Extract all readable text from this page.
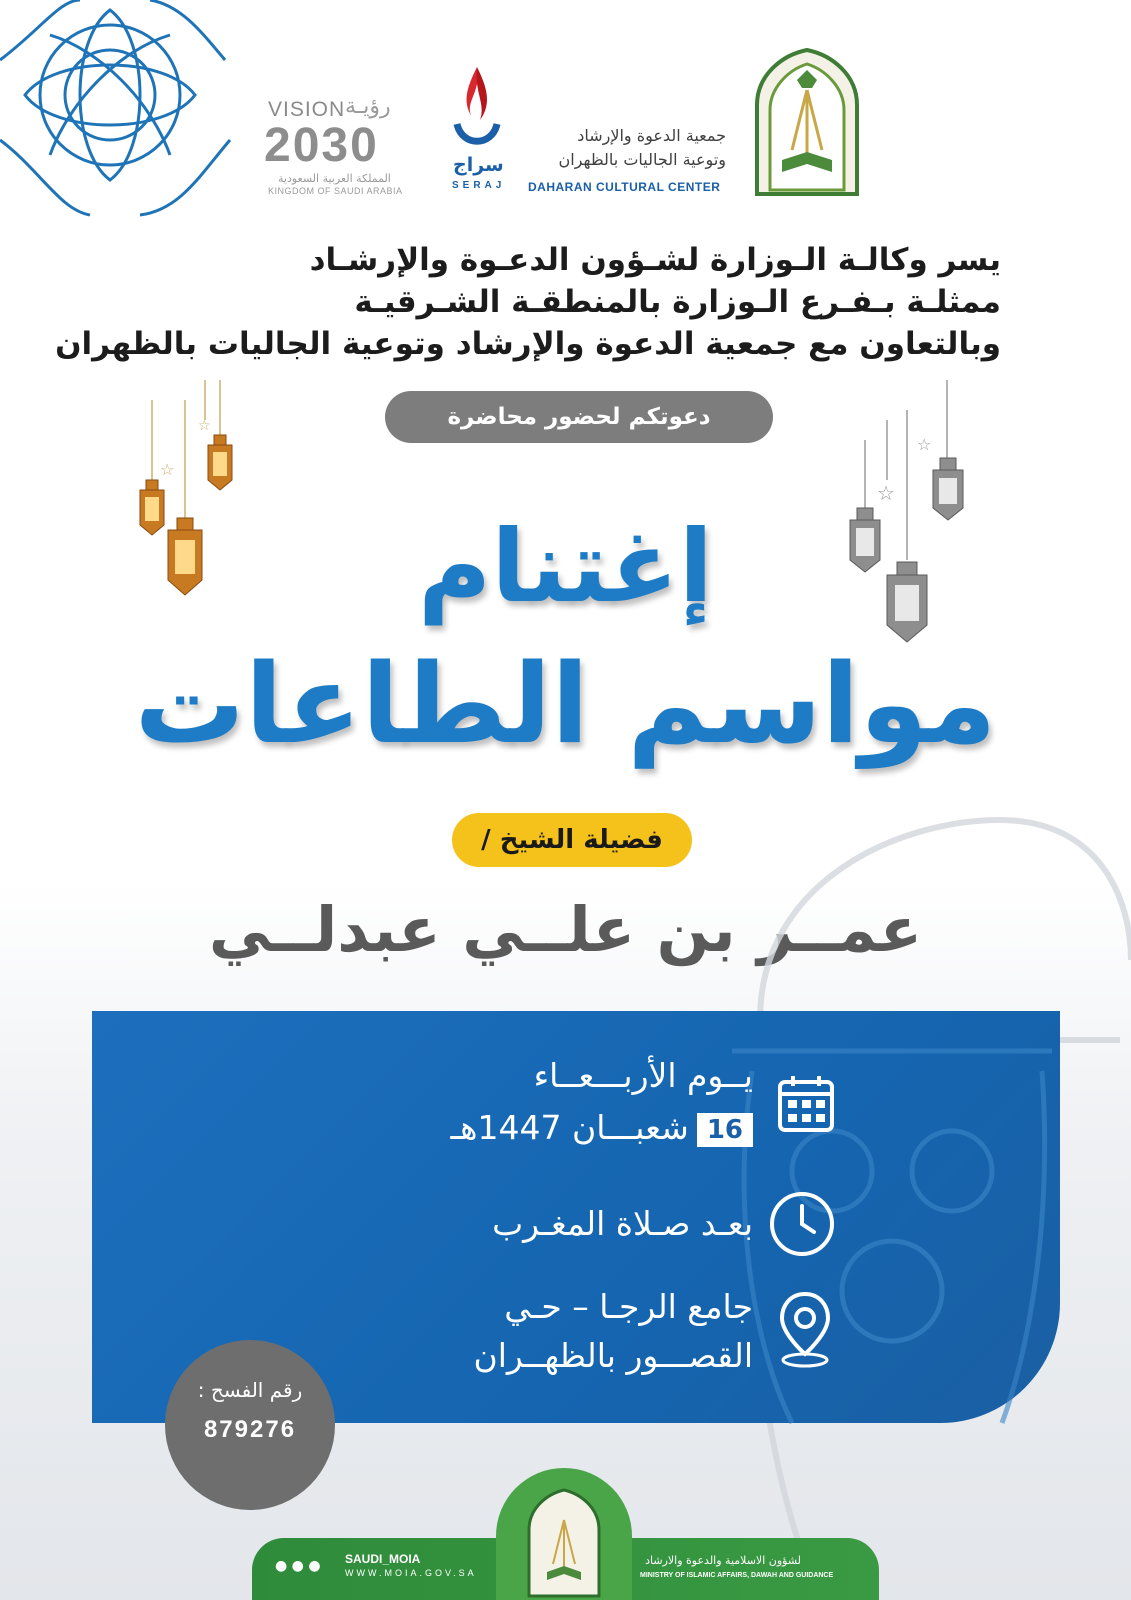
VISION رؤيـة
2030
المملكة العربية السعودية
KINGDOM OF SAUDI ARABIA
سراج
SERAJ
جمعية الدعوة والإرشاد
وتوعية الجاليات بالظهران
DAHARAN CULTURAL CENTER
يسر وكالـة الـوزارة لشـؤون الدعـوة والإرشـاد
ممثلـة بـفـرع الـوزارة بالمنطقـة الشـرقيـة
وبالتعاون مع جمعية الدعوة والإرشاد وتوعية الجاليات بالظهران
دعوتكم لحضور محاضرة
☆
☆
☆
☆
إغتنام
مواسم الطاعات
فضيلة الشيخ /
عمــر بن علــي عبدلــي
يــوم الأربـــعــاء
16شعبـــان 1447هـ
بعـد صـلاة المغـرب
جامع الرجـا – حـي
القصـــور بالظهــران
رقم الفسح :
879276
● ● ● SAUDI_MOIA
WWW.MOIA.GOV.SA
لشؤون الاسلامية والدعوة والارشاد
MINISTRY OF ISLAMIC AFFAIRS, DAWAH AND GUIDANCE
